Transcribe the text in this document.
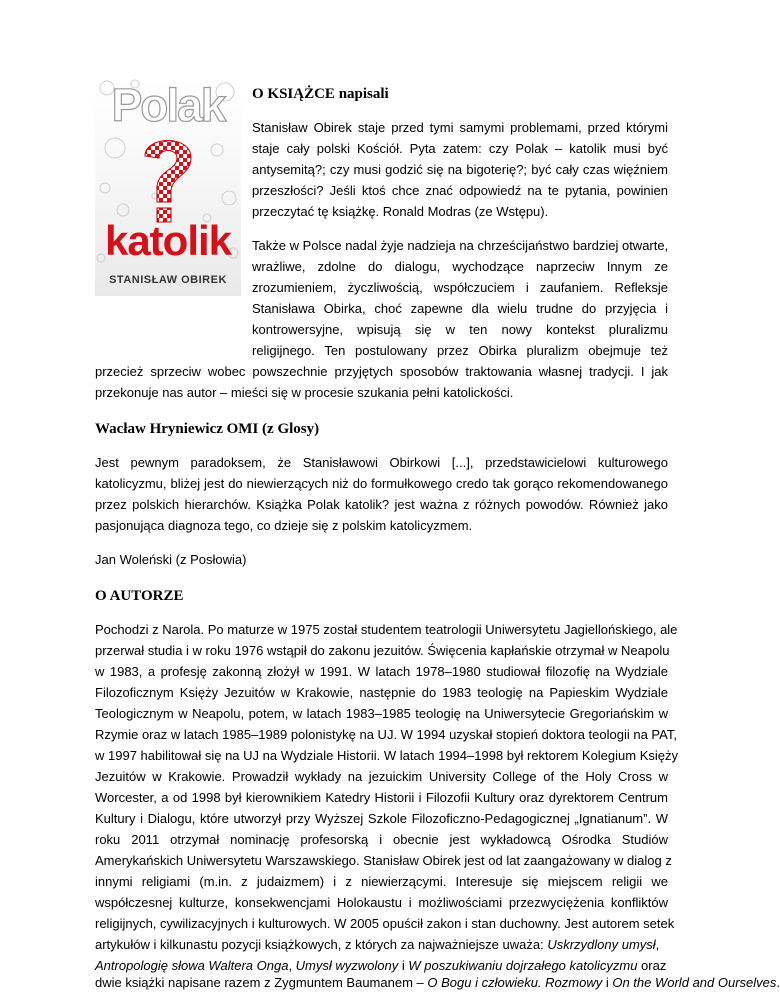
Polak
katolik
STANISŁAW OBIREK
O KSIĄŻCE napisali

Stanisław Obirek staje przed tymi samymi problemami, przed którymi

staje cały polski Kościół. Pyta zatem: czy Polak – katolik musi być

antysemitą?; czy musi godzić się na bigoterię?; być cały czas więźniem

przeszłości? Jeśli ktoś chce znać odpowiedź na te pytania, powinien

przeczytać tę książkę. Ronald Modras (ze Wstępu).

Także w Polsce nadal żyje nadzieja na chrześcijaństwo bardziej otwarte,

wrażliwe, zdolne do dialogu, wychodzące naprzeciw Innym ze

zrozumieniem, życzliwością, współczuciem i zaufaniem. Refleksje

Stanisława Obirka, choć zapewne dla wielu trudne do przyjęcia i

kontrowersyjne, wpisują się w ten nowy kontekst pluralizmu

religijnego. Ten postulowany przez Obirka pluralizm obejmuje też

przecież sprzeciw wobec powszechnie przyjętych sposobów traktowania własnej tradycji. I jak

przekonuje nas autor – mieści się w procesie szukania pełni katolickości.

Wacław Hryniewicz OMI (z Glosy)

Jest pewnym paradoksem, że Stanisławowi Obirkowi [...], przedstawicielowi kulturowego

katolicyzmu, bliżej jest do niewierzących niż do formułkowego credo tak gorąco rekomendowanego

przez polskich hierarchów. Książka Polak katolik? jest ważna z różnych powodów. Również jako

pasjonująca diagnoza tego, co dzieje się z polskim katolicyzmem.

Jan Woleński (z Posłowia)

O AUTORZE

Pochodzi z Narola. Po maturze w 1975 został studentem teatrologii Uniwersytetu Jagiellońskiego, ale

przerwał studia i w roku 1976 wstąpił do zakonu jezuitów. Święcenia kapłańskie otrzymał w Neapolu

w 1983, a profesję zakonną złożył w 1991. W latach 1978–1980 studiował filozofię na Wydziale

Filozoficznym Księży Jezuitów w Krakowie, następnie do 1983 teologię na Papieskim Wydziale

Teologicznym w Neapolu, potem, w latach 1983–1985 teologię na Uniwersytecie Gregoriańskim w

Rzymie oraz w latach 1985–1989 polonistykę na UJ. W 1994 uzyskał stopień doktora teologii na PAT,

w 1997 habilitował się na UJ na Wydziale Historii. W latach 1994–1998 był rektorem Kolegium Księży

Jezuitów w Krakowie. Prowadził wykłady na jezuickim University College of the Holy Cross w

Worcester, a od 1998 był kierownikiem Katedry Historii i Filozofii Kultury oraz dyrektorem Centrum

Kultury i Dialogu, które utworzył przy Wyższej Szkole Filozoficzno-Pedagogicznej „Ignatianum”. W

roku 2011 otrzymał nominację profesorską i obecnie jest wykładowcą Ośrodka Studiów

Amerykańskich Uniwersytetu Warszawskiego. Stanisław Obirek jest od lat zaangażowany w dialog z

innymi religiami (m.in. z judaizmem) i z niewierzącymi. Interesuje się miejscem religii we

współczesnej kulturze, konsekwencjami Holokaustu i możliwościami przezwyciężenia konfliktów

religijnych, cywilizacyjnych i kulturowych. W 2005 opuścił zakon i stan duchowny. Jest autorem setek

artykułów i kilkunastu pozycji książkowych, z których za najważniejsze uważa: Uskrzydlony umysł,

Antropologię słowa Waltera Onga, Umysł wyzwolony i W poszukiwaniu dojrzałego katolicyzmu oraz

dwie książki napisane razem z Zygmuntem Baumanem – O Bogu i człowieku. Rozmowy i On the World and Ourselves.
